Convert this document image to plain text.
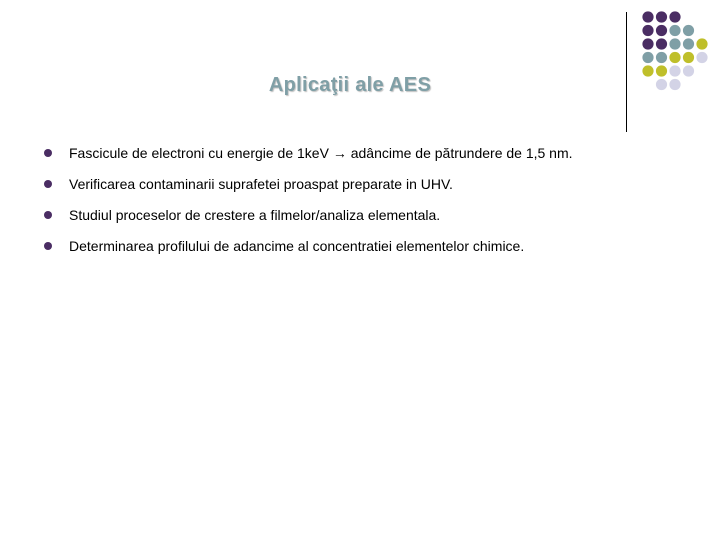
Aplicaţii ale AES
Fascicule de electroni cu energie de 1keV → adâncime de pătrundere de 1,5 nm.
Verificarea contaminarii suprafetei proaspat preparate in UHV.
Studiul proceselor de crestere a filmelor/analiza elementala.
Determinarea profilului de adancime al concentratiei elementelor chimice.
